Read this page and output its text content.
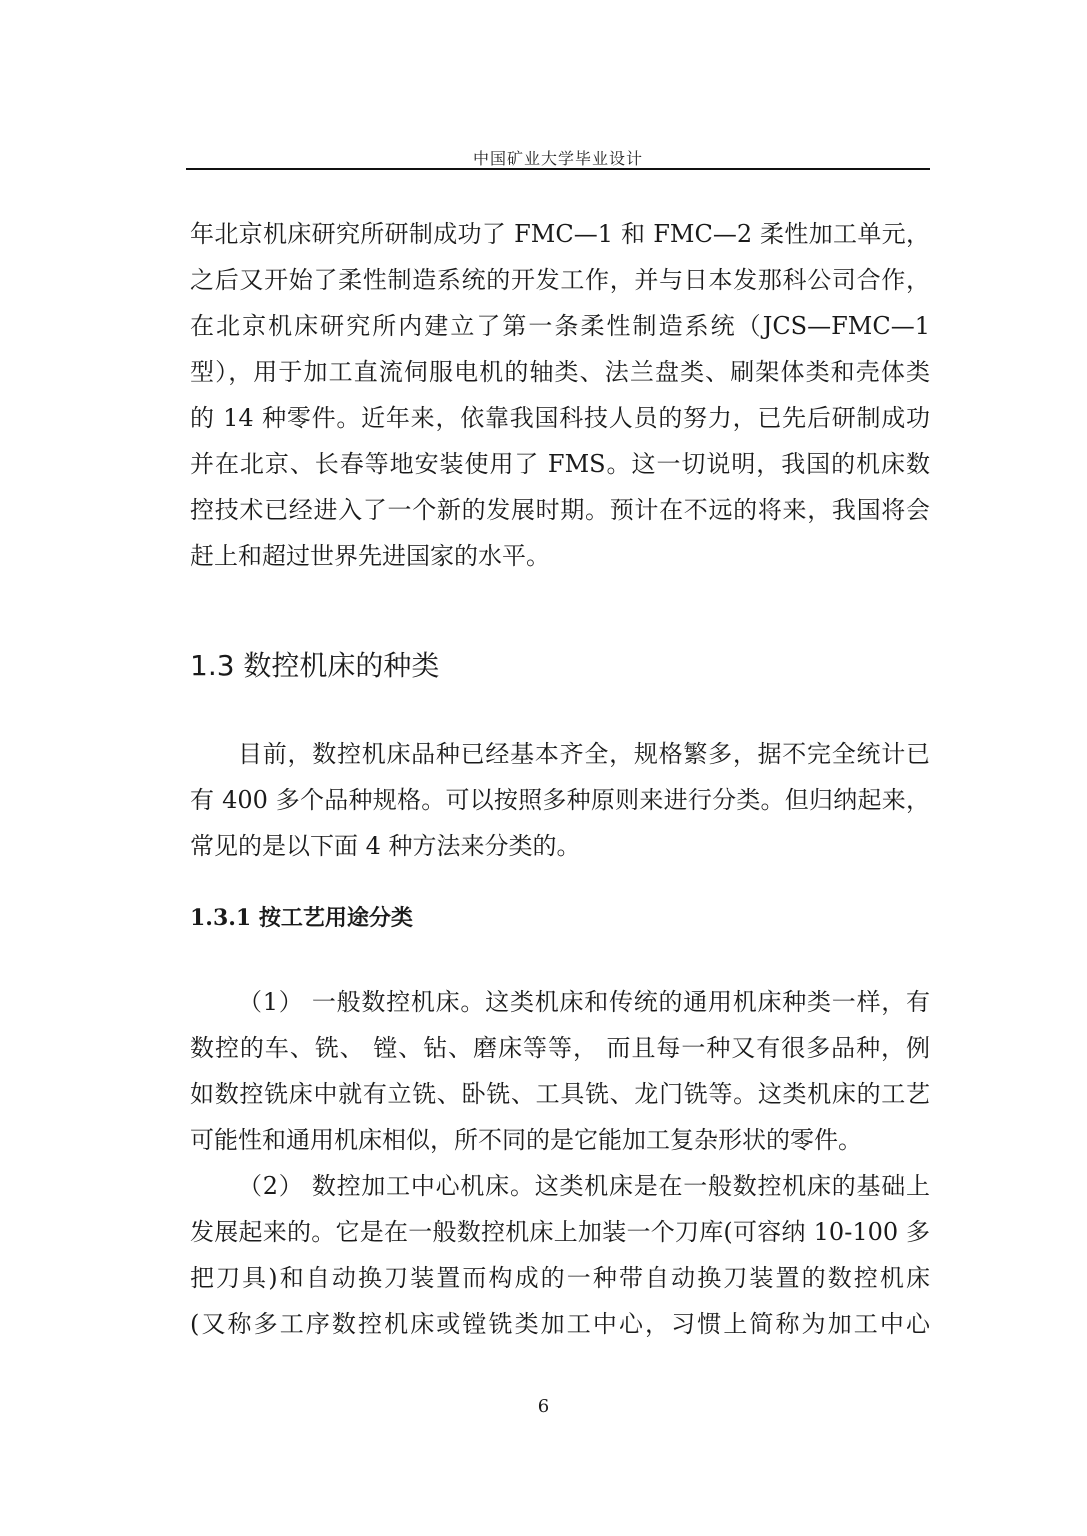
中国矿业大学毕业设计
年北京机床研究所研制成功了 FMC—1 和 FMC—2 柔性加工单元，
之后又开始了柔性制造系统的开发工作，并与日本发那科公司合作，
在北京机床研究所内建立了第一条柔性制造系统（JCS—FMC—1
型），用于加工直流伺服电机的轴类、法兰盘类、刷架体类和壳体类
的 14 种零件。近年来，依靠我国科技人员的努力，已先后研制成功
并在北京、长春等地安装使用了 FMS。这一切说明，我国的机床数
控技术已经进入了一个新的发展时期。预计在不远的将来，我国将会
赶上和超过世界先进国家的水平。
1.3 数控机床的种类
目前，数控机床品种已经基本齐全，规格繁多，据不完全统计已
有 400 多个品种规格。可以按照多种原则来进行分类。但归纳起来，
常见的是以下面 4 种方法来分类的。
1.3.1 按工艺用途分类
（1） 一般数控机床。这类机床和传统的通用机床种类一样，有
数控的车、铣、 镗、钻、磨床等等， 而且每一种又有很多品种，例
如数控铣床中就有立铣、卧铣、工具铣、龙门铣等。这类机床的工艺
可能性和通用机床相似，所不同的是它能加工复杂形状的零件。
（2） 数控加工中心机床。这类机床是在一般数控机床的基础上
发展起来的。它是在一般数控机床上加装一个刀库(可容纳 10-100 多
把刀具)和自动换刀装置而构成的一种带自动换刀装置的数控机床
(又称多工序数控机床或镗铣类加工中心，习惯上简称为加工中心
6
